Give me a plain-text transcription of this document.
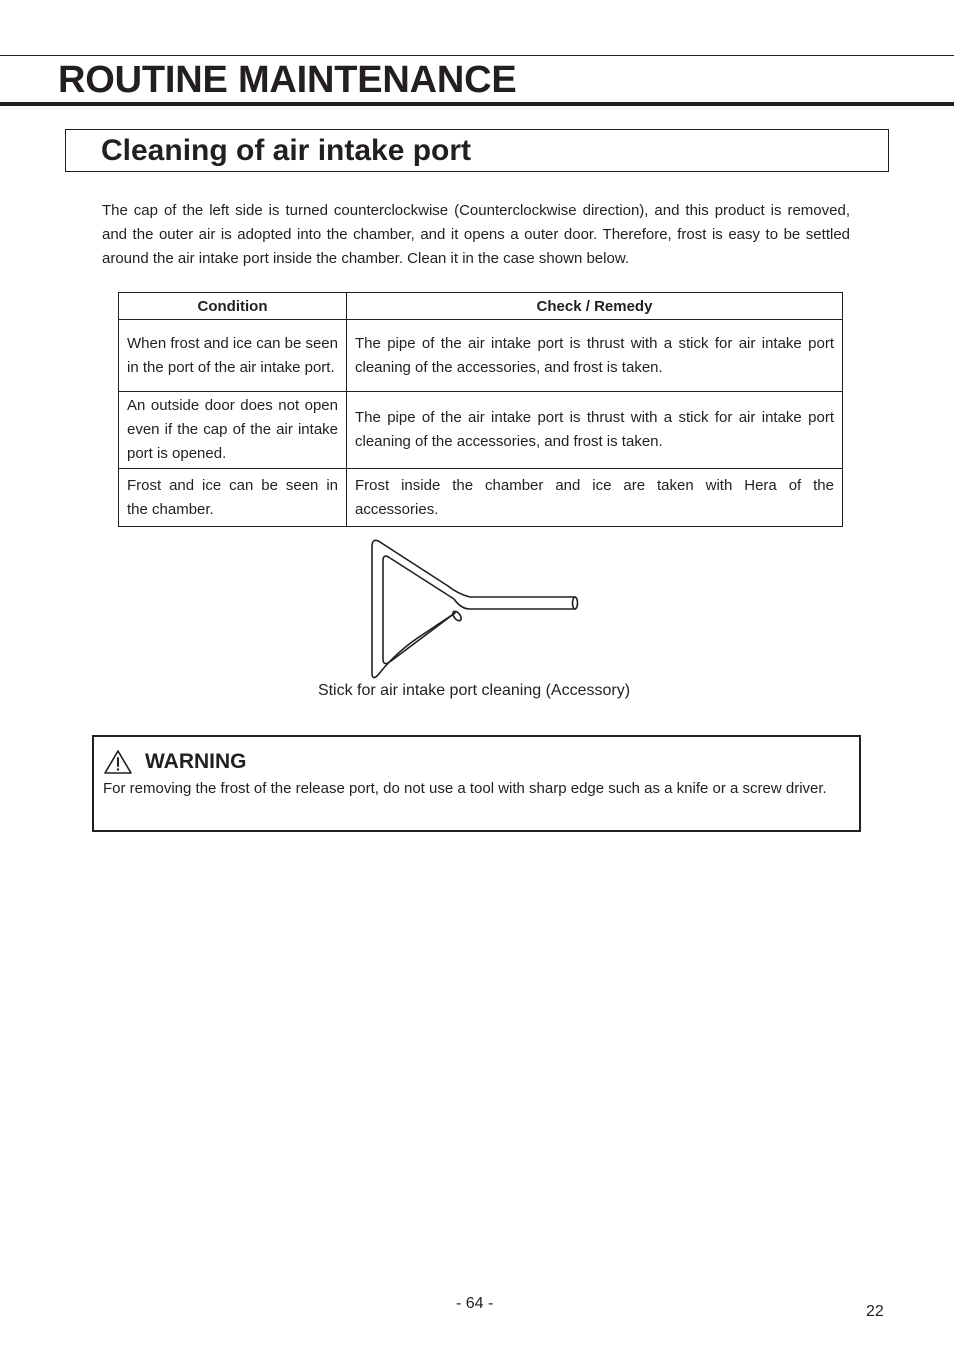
ROUTINE MAINTENANCE
Cleaning of air intake port

The cap of the left side is turned counterclockwise (Counterclockwise direction), and this product is removed, and the outer air is adopted into the chamber, and it opens a outer door. Therefore, frost is easy to be settled around the air intake port inside the chamber. Clean it in the case shown below.

Condition	Check / Remedy
When frost and ice can be seen in the port of the air intake port.	The pipe of the air intake port is thrust with a stick for air intake port cleaning of the accessories, and frost is taken.
An outside door does not open even if the cap of the air intake port is opened.	The pipe of the air intake port is thrust with a stick for air intake port cleaning of the accessories, and frost is taken.
Frost and ice can be seen in the chamber.	Frost inside the chamber and ice are taken with Hera of the accessories.
Stick for air intake port cleaning (Accessory)
WARNING

For removing the frost of the release port, do not use a tool with sharp edge such as a knife or a screw driver.

- 64 -	22
